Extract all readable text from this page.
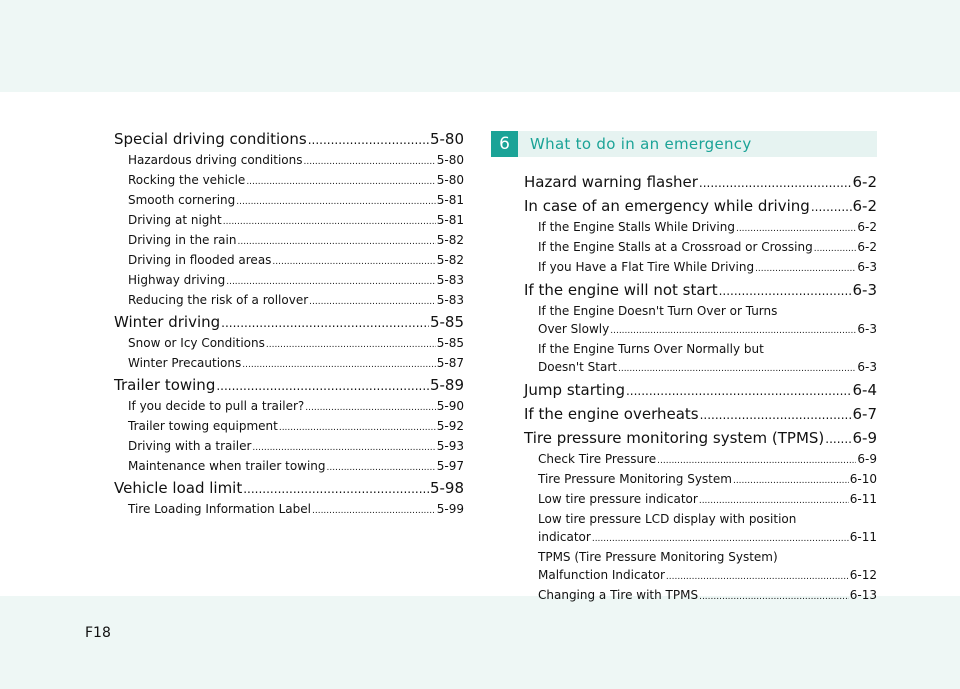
Special driving conditions .....	5-80
Hazardous driving conditions .....	5-80
Rocking the vehicle .....	5-80
Smooth cornering .....	5-81
Driving at night .....	5-81
Driving in the rain .....	5-82
Driving in flooded areas .....	5-82
Highway driving .....	5-83
Reducing the risk of a rollover .....	5-83
Winter driving .....	5-85
Snow or Icy Conditions .....	5-85
Winter Precautions .....	5-87
Trailer towing .....	5-89
If you decide to pull a trailer? .....	5-90
Trailer towing equipment .....	5-92
Driving with a trailer .....	5-93
Maintenance when trailer towing .....	5-97
Vehicle load limit .....	5-98
Tire Loading Information Label .....	5-99
6	What to do in an emergency
Hazard warning flasher .....	6-2
In case of an emergency while driving .....	6-2
If the Engine Stalls While Driving .....	6-2
If the Engine Stalls at a Crossroad or Crossing .....	6-2
If you Have a Flat Tire While Driving .....	6-3
If the engine will not start .....	6-3
If the Engine Doesn't Turn Over or Turns
Over Slowly .....	6-3
If the Engine Turns Over Normally but
Doesn't Start .....	6-3
Jump starting .....	6-4
If the engine overheats .....	6-7
Tire pressure monitoring system (TPMS) ..... 6-9
Check Tire Pressure .....	6-9
Tire Pressure Monitoring System .....	6-10
Low tire pressure indicator .....	6-11
Low tire pressure LCD display with position
indicator .....	6-11
TPMS (Tire Pressure Monitoring System)
Malfunction Indicator .....	6-12
Changing a Tire with TPMS .....	6-13
F18
